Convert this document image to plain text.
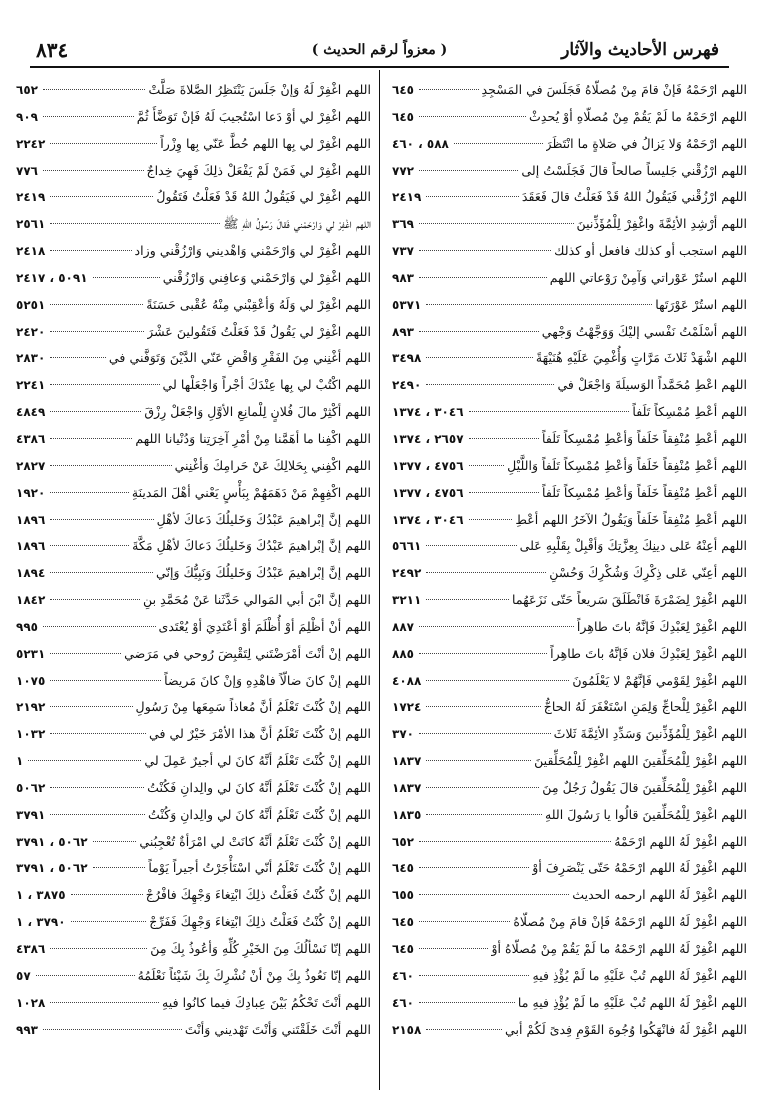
فهرس الأحاديث والآثار
( معزواً لرقم الحديث )
٨٣٤
اللهم ارْحَمْهُ فَإنْ قامَ مِنْ مُصلّاهُ فَجَلَسَ في المَسْجِدِ
٦٤٥
اللهم ارْحَمْهُ ما لَمْ يَقُمْ مِنْ مُصلّاهِ أوْ يُحدِثْ
٦٤٥
اللهم ارْحَمْهُ وَلا يَزالُ في صَلاةٍ ما انْتَظَرَ
٥٨٨ ، ٤٦٠
اللهم ارْزُقْني جَليساً صالحاً قالَ فَجَلَسْتُ إلى
٧٧٢
اللهم ارْزُقْني فَيَقُولُ اللهُ قَدْ فَعَلْتُ قالَ فَعَقَدَ
٢٤١٩
اللهم أرْشِدِ الأئِمَّةَ واغْفِرْ لِلْمُؤَذِّنينَ
٣٦٩
اللهم استجب أو كذلك فافعل أو كذلك
٧٣٧
اللهم استُرْ عَوْراتي وَآمِنْ رَوْعاتي اللهم
٩٨٣
اللهم استُرْ عَوْرَتَها
٥٣٧١
اللهم أسْلَمْتُ نَفْسي إليْكَ وَوَجَّهْتُ وَجْهي
٨٩٣
اللهم اشْهَدْ ثَلاثَ مَرَّاتٍ وَأُغْمِيَ عَلَيْهِ هُنَيْهَةً
٣٤٩٨
اللهم اعْطِ مُحَمَّداً الوَسيلَةَ وَاجْعَلْ في
٢٤٩٠
اللهم أعْطِ مُمْسِكاً تَلَفاً
٣٠٤٦ ، ١٣٧٤
اللهم أعْطِ مُنْفِقاً خَلَفاً وَأعْطِ مُمْسِكاً تَلَفاً
٢٦٥٧ ، ١٣٧٤
اللهم أعْطِ مُنْفِقاً خَلَفاً وَأعْطِ مُمْسِكاً تَلَفاً وَاللَّيْلِ
٤٧٥٦ ، ١٣٧٧
اللهم أعْطِ مُنْفِقاً خَلَفاً وَأعْطِ مُمْسِكاً تَلَفاً
٤٧٥٦ ، ١٣٧٧
اللهم أعْطِ مُنْفِقاً خَلَفاً وَيَقُولُ الآخَرُ اللهم أعْطِ
٣٠٤٦ ، ١٣٧٤
اللهم أعِنْهُ عَلى دينِكَ بِعِزَّتِكَ وَأقْبِلْ بِقَلْبِهِ عَلى
٥٦٦١
اللهم أعِنّي عَلى ذِكْرِكَ وَشُكْرِكَ وَحُسْنِ
٢٤٩٢
اللهم اغْفِرْ لِضَمْرَةَ فَانْطَلَقَ سَريعاً حَتّى نَزَعَهُما
٣٢١١
اللهم اغْفِرْ لِعَبْدِكَ فَإنَّهُ باتَ طاهِراً
٨٨٧
اللهم اغْفِرْ لِعَبْدِكَ فلان فَإنَّهُ باتَ طاهِراً
٨٨٥
اللهم اغْفِرْ لِقَوْمي فَإنَّهُمْ لا يَعْلَمُونَ
٤٠٨٨
اللهم اغْفِرْ لِلْحاجِّ وَلِمَنِ اسْتَغْفَرَ لَهُ الحاجُّ
١٧٢٤
اللهم اغْفِرْ لِلْمُؤَذِّنينَ وَسَدِّدِ الأئِمَّةَ ثَلاثَ
٣٧٠
اللهم اغْفِرْ لِلْمُحَلِّقينَ اللهم اغْفِرْ لِلْمُحَلِّقينَ
١٨٣٧
اللهم اغْفِرْ لِلْمُحَلِّقينَ قالَ يَقُولُ رَجُلٌ مِنَ
١٨٣٧
اللهم اغْفِرْ لِلْمُحَلِّقينَ قالُوا يا رَسُولَ اللهِ
١٨٣٥
اللهم اغْفِرْ لَهُ اللهم ارْحَمْهُ
٦٥٢
اللهم اغْفِرْ لَهُ اللهم ارْحَمْهُ حَتّى يَنْصَرِفَ أوْ
٦٤٥
اللهم اغْفِرْ لَهُ اللهم ارحمه الحديث
٦٥٥
اللهم اغْفِرْ لَهُ اللهم ارْحَمْهُ فَإنْ قامَ مِنْ مُصلّاهُ
٦٤٥
اللهم اغْفِرْ لَهُ اللهم ارْحَمْهُ ما لَمْ يَقُمْ مِنْ مُصلّاهُ أوْ
٦٤٥
اللهم اغْفِرْ لَهُ اللهم تُبْ عَلَيْهِ ما لَمْ يُؤْذِ فيهِ
٤٦٠
اللهم اغْفِرْ لَهُ اللهم تُبْ عَلَيْهِ ما لَمْ يُؤْذِ فيهِ ما
٤٦٠
اللهم اغْفِرْ لَهُ فانْهَكُوا وُجُوهَ القَوْمِ فِدىً لَكُمْ أبي
٢١٥٨
اللهم اغْفِرْ لَهُ وَإنْ جَلَسَ يَنْتَظِرُ الصَّلاةَ صَلَّتْ
٦٥٢
اللهم اغْفِرْ لي أوْ دَعا اسْتُجيبَ لَهُ فَإنْ تَوَضَّأَ ثُمَّ
٩٠٩
اللهم اغْفِرْ لي بِها اللهم حُطَّ عَنّي بِها وِزْراً
٢٢٤٢
اللهم اغْفِرْ لي فَمَنْ لَمْ يَفْعَلْ ذلِكَ فَهِيَ خِداجٌ
٧٧٦
اللهم اغْفِرْ لي فَيَقُولُ اللهُ قَدْ فَعَلْتُ فَتَقُولُ
٢٤١٩
اللهم اغْفِرْ لي وَارْحَمْني فَقالَ رَسُولُ اللهِ ﷺ
٢٥٦١
اللهم اغْفِرْ لي وَارْحَمْني وَاهْديني وَارْزُقْني وزاد
٢٤١٨
اللهم اغْفِرْ لي وَارْحَمْني وَعافِني وَارْزُقْني
٥٠٩١ ، ٢٤١٧
اللهم اغْفِرْ لي وَلَهُ وَأعْقِبْني مِنْهُ عُقْبى حَسَنَةً
٥٢٥١
اللهم اغْفِرْ لي يَقُولُ قَدْ فَعَلْتُ فَتَقُولينَ عَشْرَ
٢٤٢٠
اللهم أغْنِني مِنَ الفَقْرِ وَاقْضِ عَنّي الدَّيْنَ وَتَوَفَّني في
٢٨٣٠
اللهم اكْتُبْ لي بِها عِنْدَكَ أجْراً وَاجْعَلْها لي
٢٢٤١
اللهم أكْثِرْ مالَ فُلانٍ لِلْمانِعِ الأوَّلِ وَاجْعَلْ رِزْقَ
٤٨٤٩
اللهم اكْفِنا ما أهَمَّنا مِنْ أمْرِ آخِرَتِنا وَدُنْيانا اللهم
٤٣٨٦
اللهم اكْفِني بِحَلالِكَ عَنْ حَرامِكَ وَأغْنِني
٢٨٢٧
اللهم اكْفِهِمْ مَنْ دَهَمَهُمْ بِبَأْسٍ يَعْني أهْلَ المَدينَةِ
١٩٢٠
اللهم إنَّ إبْراهيمَ عَبْدُكَ وَخَليلُكَ دَعاكَ لأهْلِ
١٨٩٦
اللهم إنَّ إبْراهيمَ عَبْدُكَ وَخَليلُكَ دَعاكَ لأهْلِ مَكَّةَ
١٨٩٦
اللهم إنَّ إبْراهيمَ عَبْدُكَ وَخَليلُكَ وَنَبِيُّكَ وَإنّي
١٨٩٤
اللهم إنَّ ابْنَ أبي المَوالي حَدَّثَنا عَنْ مُحَمَّدِ بنِ
١٨٤٢
اللهم أنْ أظْلِمَ أوْ أُظْلَمَ أوْ أعْتَدِيَ أوْ يُعْتَدى
٩٩٥
اللهم إنْ أنْتَ أمْرَضْتَني لِتَقْبِضَ رُوحي في مَرَضي
٥٢٣١
اللهم إنْ كانَ ضالّاً فاهْدِهِ وَإنْ كانَ مَريضاً
١٠٧٥
اللهم إنْ كُنْتَ تَعْلَمُ أنَّ مُعاذاً سَمِعَها مِنْ رَسُولِ
٢١٩٢
اللهم إنْ كُنْتَ تَعْلَمُ أنَّ هذا الأمْرَ خَيْرٌ لي في
١٠٣٢
اللهم إنْ كُنْتَ تَعْلَمُ أنَّهُ كانَ لي أجيرٌ عَمِلَ لي
١
اللهم إنْ كُنْتَ تَعْلَمُ أنَّهُ كانَ لي والِدانِ فَكُنْتُ
٥٠٦٢
اللهم إنْ كُنْتَ تَعْلَمُ أنَّهُ كانَ لي والِدانِ وَكُنْتُ
٣٧٩١
اللهم إنْ كُنْتَ تَعْلَمُ أنَّهُ كانَتْ لي امْرَأةٌ تُعْجِبُني
٥٠٦٢ ، ٣٧٩١
اللهم إنْ كُنْتَ تَعْلَمُ أنّي اسْتَأْجَرْتُ أجيراً يَوْماً
٥٠٦٢ ، ٣٧٩١
اللهم إنْ كُنْتُ فَعَلْتُ ذلِكَ ابْتِغاءَ وَجْهِكَ فافْرُجْ
٣٨٧٥ ، ١
اللهم إنْ كُنْتُ فَعَلْتُ ذلِكَ ابْتِغاءَ وَجْهِكَ فَفَرِّجْ
٣٧٩٠ ، ١
اللهم إنّا نَسْألُكَ مِنَ الخَيْرِ كُلِّهِ وَأعُوذُ بِكَ مِنَ
٤٣٨٦
اللهم إنّا نَعُوذُ بِكَ مِنْ أنْ نُشْرِكَ بِكَ شَيْئاً نَعْلَمُهُ
٥٧
اللهم أنْتَ تَحْكُمُ بَيْنَ عِبادِكَ فيما كانُوا فيهِ
١٠٢٨
اللهم أنْتَ خَلَقْتَني وَأنْتَ تَهْديني وَأنْتَ
٩٩٣
